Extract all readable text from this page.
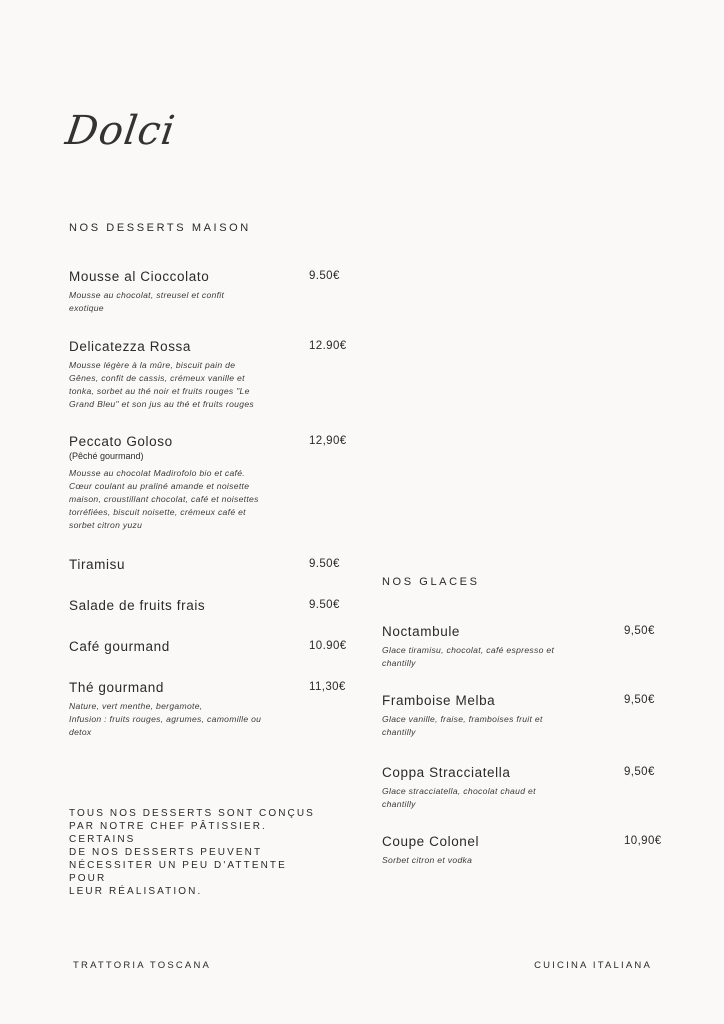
Dolci
NOS DESSERTS MAISON
Mousse al Cioccolato	9.50€
Mousse au chocolat, streusel et confit
exotique
Delicatezza Rossa	12.90€
Mousse légère à la mûre, biscuit pain de
Gênes, confit de cassis, crémeux vanille et
tonka, sorbet au thé noir et fruits rouges "Le
Grand Bleu" et son jus au thé et fruits rouges
Peccato Goloso	12,90€
(Pêché gourmand)
Mousse au chocolat Madirofolo bio et café.
Cœur coulant au praliné amande et noisette
maison, croustillant chocolat, café et noisettes
torréfiées, biscuit noisette, crémeux café et
sorbet citron yuzu
Tiramisu	9.50€
Salade de fruits frais	9.50€
Café gourmand	10.90€
Thé gourmand	11,30€
Nature, vert menthe, bergamote,
Infusion : fruits rouges, agrumes, camomille ou
detox
NOS GLACES
Noctambule	9,50€
Glace tiramisu, chocolat, café espresso et
chantilly
Framboise Melba	9,50€
Glace vanille, fraise, framboises fruit et
chantilly
Coppa Stracciatella	9,50€
Glace stracciatella, chocolat chaud et
chantilly
Coupe Colonel	10,90€
Sorbet citron et vodka
TOUS NOS DESSERTS SONT CONÇUS
PAR NOTRE CHEF PÂTISSIER. CERTAINS
DE NOS DESSERTS PEUVENT
NÉCESSITER UN PEU D'ATTENTE POUR
LEUR RÉALISATION.
TRATTORIA TOSCANA	CUICINA ITALIANA
